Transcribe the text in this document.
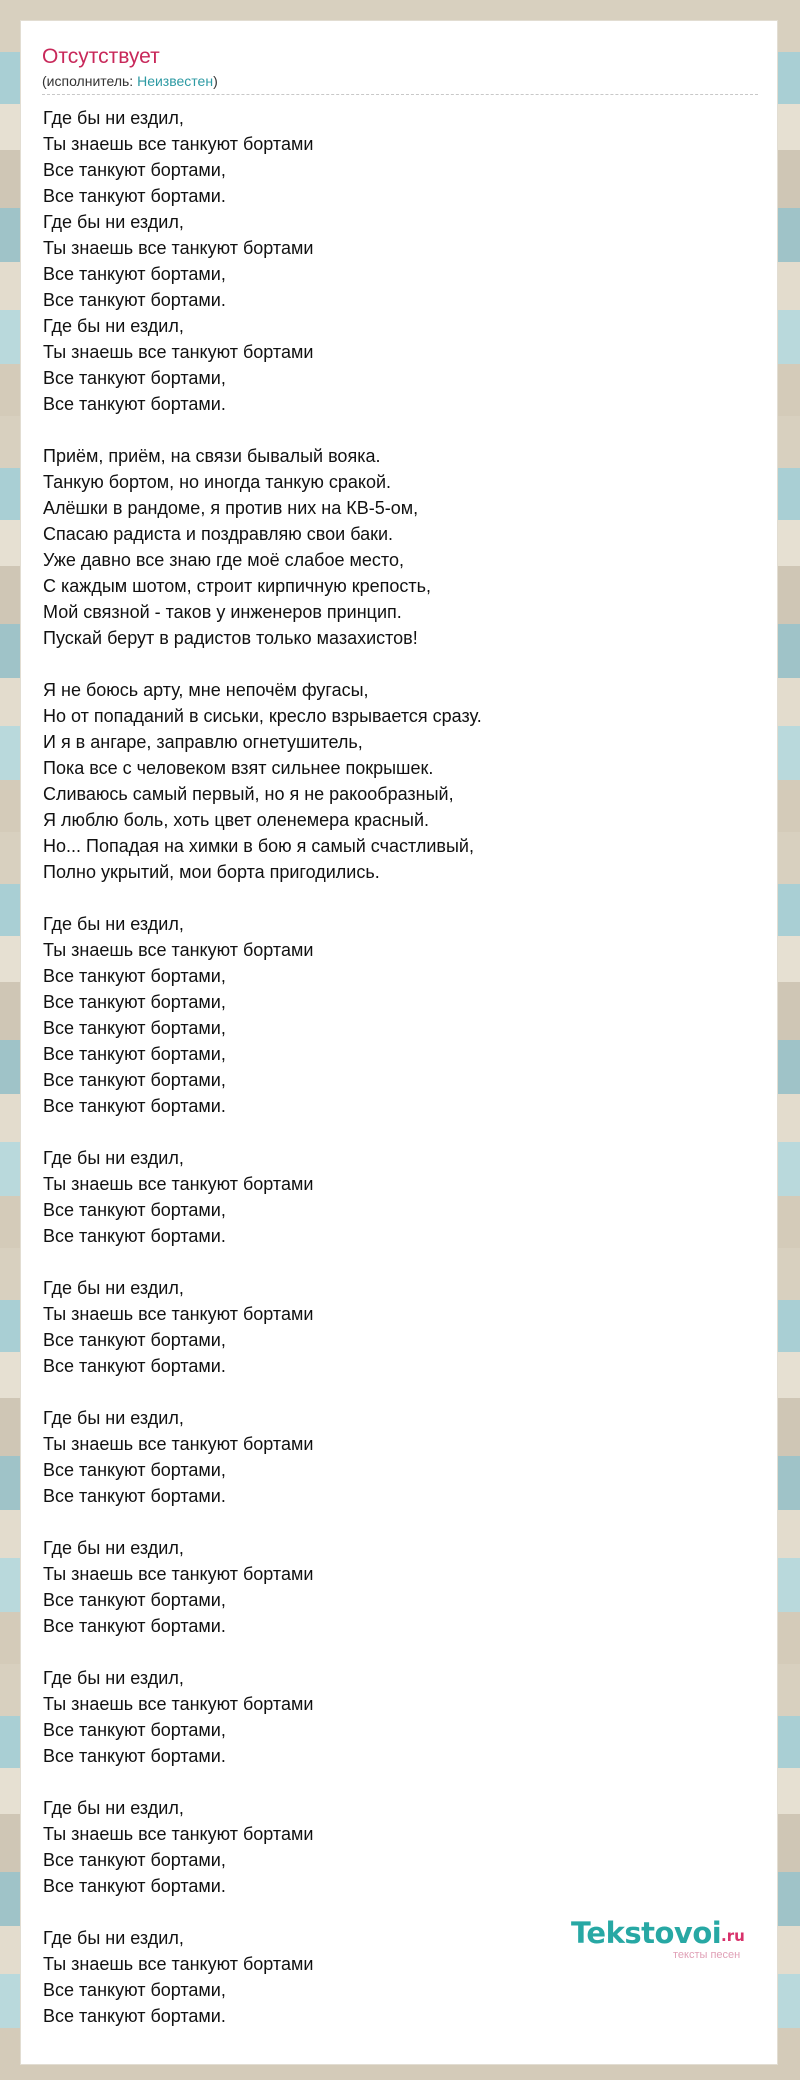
Отсутствует
(исполнитель: Неизвестен)
Где бы ни ездил,
Ты знаешь все танкуют бортами
Все танкуют бортами,
Все танкуют бортами.
Где бы ни ездил,
Ты знаешь все танкуют бортами
Все танкуют бортами,
Все танкуют бортами.
Где бы ни ездил,
Ты знаешь все танкуют бортами
Все танкуют бортами,
Все танкуют бортами.
Приём, приём, на связи бывалый вояка.
Танкую бортом, но иногда танкую сракой.
Алёшки в рандоме, я против них на КВ-5-ом,
Спасаю радиста и поздравляю свои баки.
Уже давно все знаю где моё слабое место,
С каждым шотом, строит кирпичную крепость,
Мой связной - таков у инженеров принцип.
Пускай берут в радистов только мазахистов!
Я не боюсь арту, мне непочём фугасы,
Но от попаданий в сиськи, кресло взрывается сразу.
И я в ангаре, заправлю огнетушитель,
Пока все с человеком взят сильнее покрышек.
Сливаюсь самый первый, но я не ракообразный,
Я люблю боль, хоть цвет оленемера красный.
Но... Попадая на химки в бою я самый счастливый,
Полно укрытий, мои борта пригодились.
Где бы ни ездил,
Ты знаешь все танкуют бортами
Все танкуют бортами,
Все танкуют бортами,
Все танкуют бортами,
Все танкуют бортами,
Все танкуют бортами,
Все танкуют бортами.
Где бы ни ездил,
Ты знаешь все танкуют бортами
Все танкуют бортами,
Все танкуют бортами.
Где бы ни ездил,
Ты знаешь все танкуют бортами
Все танкуют бортами,
Все танкуют бортами.
Где бы ни ездил,
Ты знаешь все танкуют бортами
Все танкуют бортами,
Все танкуют бортами.
Где бы ни ездил,
Ты знаешь все танкуют бортами
Все танкуют бортами,
Все танкуют бортами.
Где бы ни ездил,
Ты знаешь все танкуют бортами
Все танкуют бортами,
Все танкуют бортами.
Где бы ни ездил,
Ты знаешь все танкуют бортами
Все танкуют бортами,
Все танкуют бортами.
Где бы ни ездил,
Ты знаешь все танкуют бортами
Все танкуют бортами,
Все танкуют бортами.
Tekstovoi .ru
тексты песен
